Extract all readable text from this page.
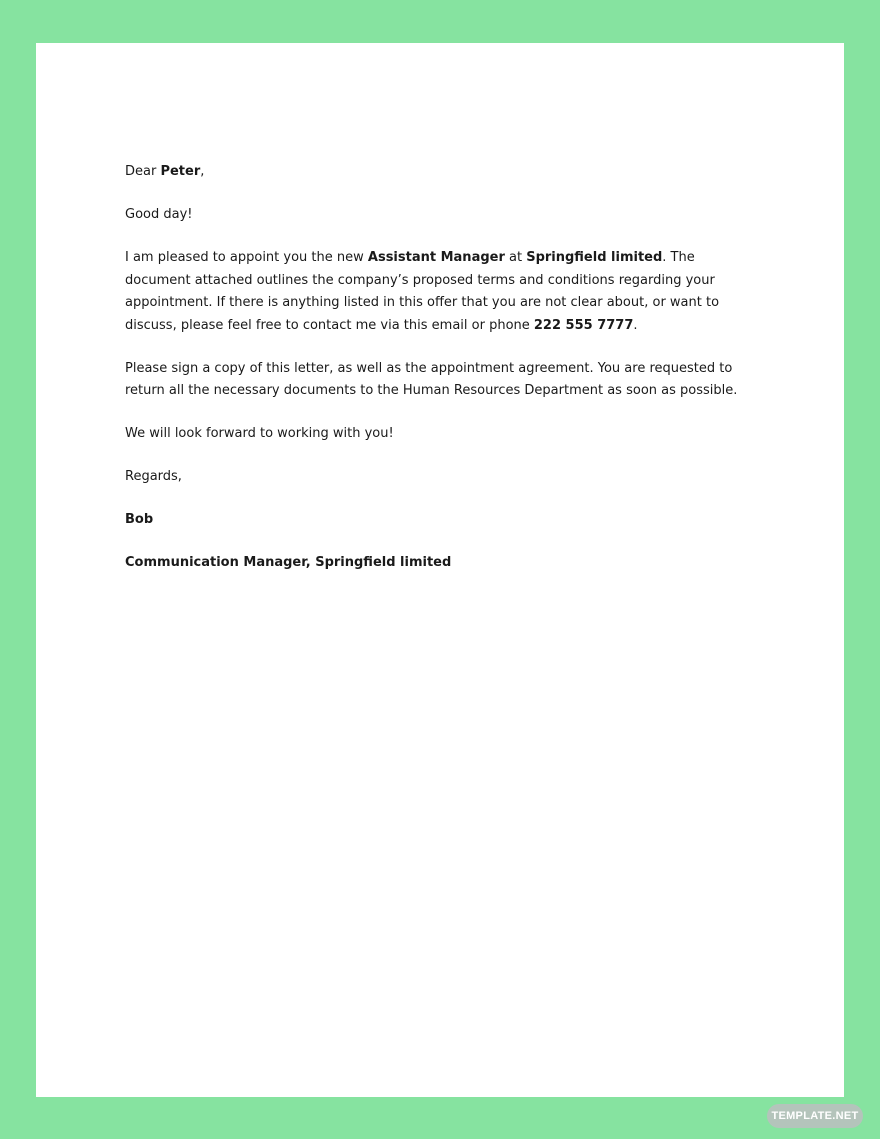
Dear Peter,

Good day!

I am pleased to appoint you the new Assistant Manager at Springfield limited. The document attached outlines the company’s proposed terms and conditions regarding your appointment. If there is anything listed in this offer that you are not clear about, or want to discuss, please feel free to contact me via this email or phone 222 555 7777.

Please sign a copy of this letter, as well as the appointment agreement. You are requested to return all the necessary documents to the Human Resources Department as soon as possible.

We will look forward to working with you!

Regards,

Bob

Communication Manager, Springfield limited

TEMPLATE.NET
